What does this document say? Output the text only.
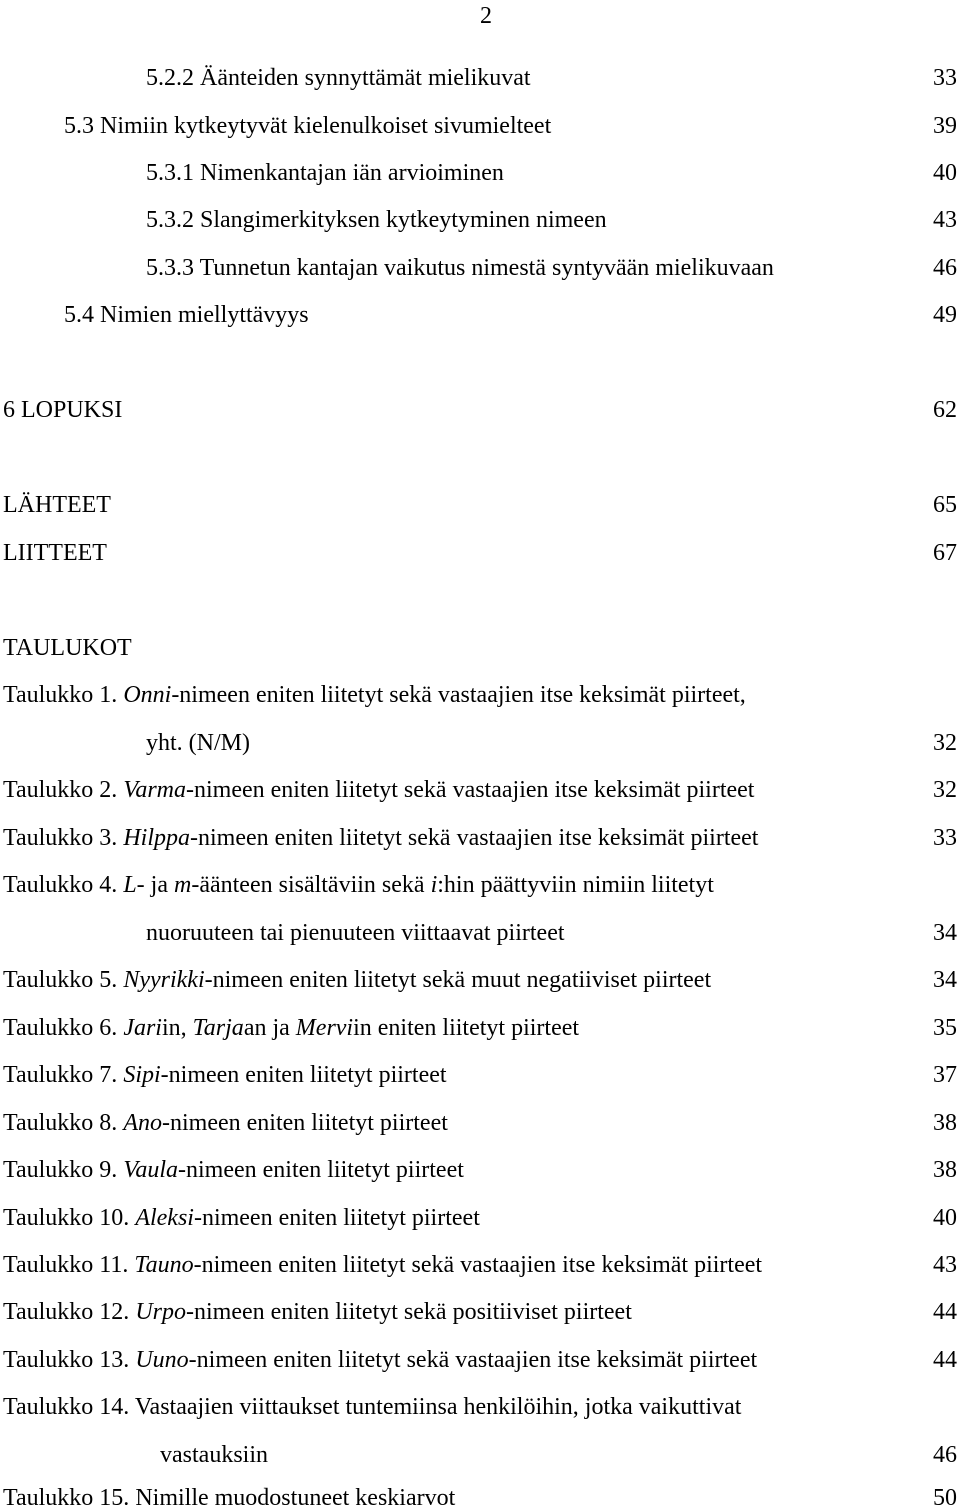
2
5.2.2 Äänteiden synnyttämät mielikuvat	33
5.3 Nimiin kytkeytyvät kielenulkoiset sivumielteet	39
5.3.1 Nimenkantajan iän arvioiminen	40
5.3.2 Slangimerkityksen kytkeytyminen nimeen	43
5.3.3 Tunnetun kantajan vaikutus nimestä syntyvään mielikuvaan	46
5.4 Nimien miellyttävyys	49
6 LOPUKSI	62
LÄHTEET	65
LIITTEET	67
TAULUKOT
Taulukko 1. Onni-nimeen eniten liitetyt sekä vastaajien itse keksimät piirteet,
yht. (N/M)	32
Taulukko 2. Varma-nimeen eniten liitetyt sekä vastaajien itse keksimät piirteet	32
Taulukko 3. Hilppa-nimeen eniten liitetyt sekä vastaajien itse keksimät piirteet	33
Taulukko 4. L- ja m-äänteen sisältäviin sekä i:hin päättyviin nimiin liitetyt
nuoruuteen tai pienuuteen viittaavat piirteet	34
Taulukko 5. Nyyrikki-nimeen eniten liitetyt sekä muut negatiiviset piirteet	34
Taulukko 6. Jariin, Tarjaan ja Merviin eniten liitetyt piirteet	35
Taulukko 7. Sipi-nimeen eniten liitetyt piirteet	37
Taulukko 8. Ano-nimeen eniten liitetyt piirteet	38
Taulukko 9. Vaula-nimeen eniten liitetyt piirteet	38
Taulukko 10. Aleksi-nimeen eniten liitetyt piirteet	40
Taulukko 11. Tauno-nimeen eniten liitetyt sekä vastaajien itse keksimät piirteet	43
Taulukko 12. Urpo-nimeen eniten liitetyt sekä positiiviset piirteet	44
Taulukko 13. Uuno-nimeen eniten liitetyt sekä vastaajien itse keksimät piirteet	44
Taulukko 14. Vastaajien viittaukset tuntemiinsa henkilöihin, jotka vaikuttivat
vastauksiin	46
Taulukko 15. Nimille muodostuneet keskiarvot	50
